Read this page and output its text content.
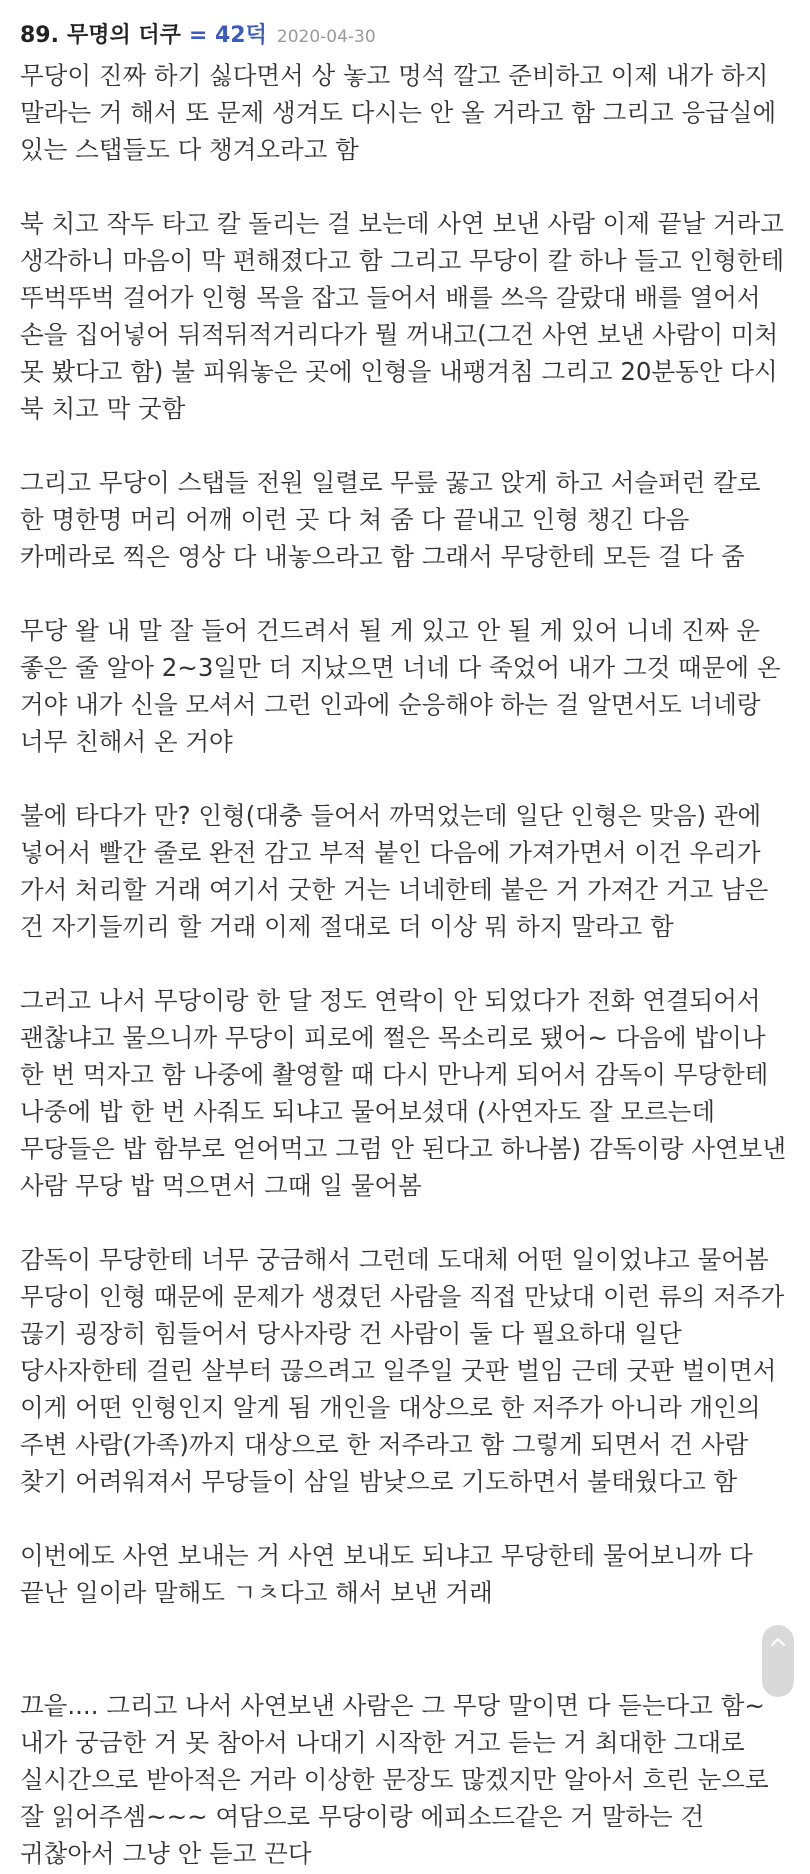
89. 무명의 더쿠 = 42덕 2020-04-30

무당이 진짜 하기 싫다면서 상 놓고 멍석 깔고 준비하고 이제 내가 하지 말라는 거 해서 또 문제 생겨도 다시는 안 올 거라고 함 그리고 응급실에 있는 스탭들도 다 챙겨오라고 함

북 치고 작두 타고 칼 돌리는 걸 보는데 사연 보낸 사람 이제 끝날 거라고 생각하니 마음이 막 편해졌다고 함 그리고 무당이 칼 하나 들고 인형한테 뚜벅뚜벅 걸어가 인형 목을 잡고 들어서 배를 쓰윽 갈랐대 배를 열어서 손을 집어넣어 뒤적뒤적거리다가 뭘 꺼내고(그건 사연 보낸 사람이 미처 못 봤다고 함) 불 피워놓은 곳에 인형을 내팽겨침 그리고 20분동안 다시 북 치고 막 굿함

그리고 무당이 스탭들 전원 일렬로 무릎 꿇고 앉게 하고 서슬퍼런 칼로 한 명한명 머리 어깨 이런 곳 다 쳐 줌 다 끝내고 인형 챙긴 다음 카메라로 찍은 영상 다 내놓으라고 함 그래서 무당한테 모든 걸 다 줌

무당 왈 내 말 잘 들어 건드려서 될 게 있고 안 될 게 있어 니네 진짜 운 좋은 줄 알아 2~3일만 더 지났으면 너네 다 죽었어 내가 그것 때문에 온 거야 내가 신을 모셔서 그런 인과에 순응해야 하는 걸 알면서도 너네랑 너무 친해서 온 거야

불에 타다가 만? 인형(대충 들어서 까먹었는데 일단 인형은 맞음) 관에 넣어서 빨간 줄로 완전 감고 부적 붙인 다음에 가져가면서 이건 우리가 가서 처리할 거래 여기서 굿한 거는 너네한테 붙은 거 가져간 거고 남은 건 자기들끼리 할 거래 이제 절대로 더 이상 뭐 하지 말라고 함

그러고 나서 무당이랑 한 달 정도 연락이 안 되었다가 전화 연결되어서 괜찮냐고 물으니까 무당이 피로에 쩔은 목소리로 됐어~ 다음에 밥이나 한 번 먹자고 함 나중에 촬영할 때 다시 만나게 되어서 감독이 무당한테 나중에 밥 한 번 사줘도 되냐고 물어보셨대 (사연자도 잘 모르는데 무당들은 밥 함부로 얻어먹고 그럼 안 된다고 하나봄) 감독이랑 사연보낸 사람 무당 밥 먹으면서 그때 일 물어봄

감독이 무당한테 너무 궁금해서 그런데 도대체 어떤 일이었냐고 물어봄 무당이 인형 때문에 문제가 생겼던 사람을 직접 만났대 이런 류의 저주가 끊기 굉장히 힘들어서 당사자랑 건 사람이 둘 다 필요하대 일단 당사자한테 걸린 살부터 끊으려고 일주일 굿판 벌임 근데 굿판 벌이면서 이게 어떤 인형인지 알게 됨 개인을 대상으로 한 저주가 아니라 개인의 주변 사람(가족)까지 대상으로 한 저주라고 함 그렇게 되면서 건 사람 찾기 어려워져서 무당들이 삼일 밤낮으로 기도하면서 불태웠다고 함

이번에도 사연 보내는 거 사연 보내도 되냐고 무당한테 물어보니까 다 끝난 일이라 말해도 ㄱㅊ다고 해서 보낸 거래

끄읕.... 그리고 나서 사연보낸 사람은 그 무당 말이면 다 듣는다고 함~ 내가 궁금한 거 못 참아서 나대기 시작한 거고 듣는 거 최대한 그대로 실시간으로 받아적은 거라 이상한 문장도 많겠지만 알아서 흐린 눈으로 잘 읽어주셈~~~ 여담으로 무당이랑 에피소드같은 거 말하는 건 귀찮아서 그냥 안 듣고 끈다
